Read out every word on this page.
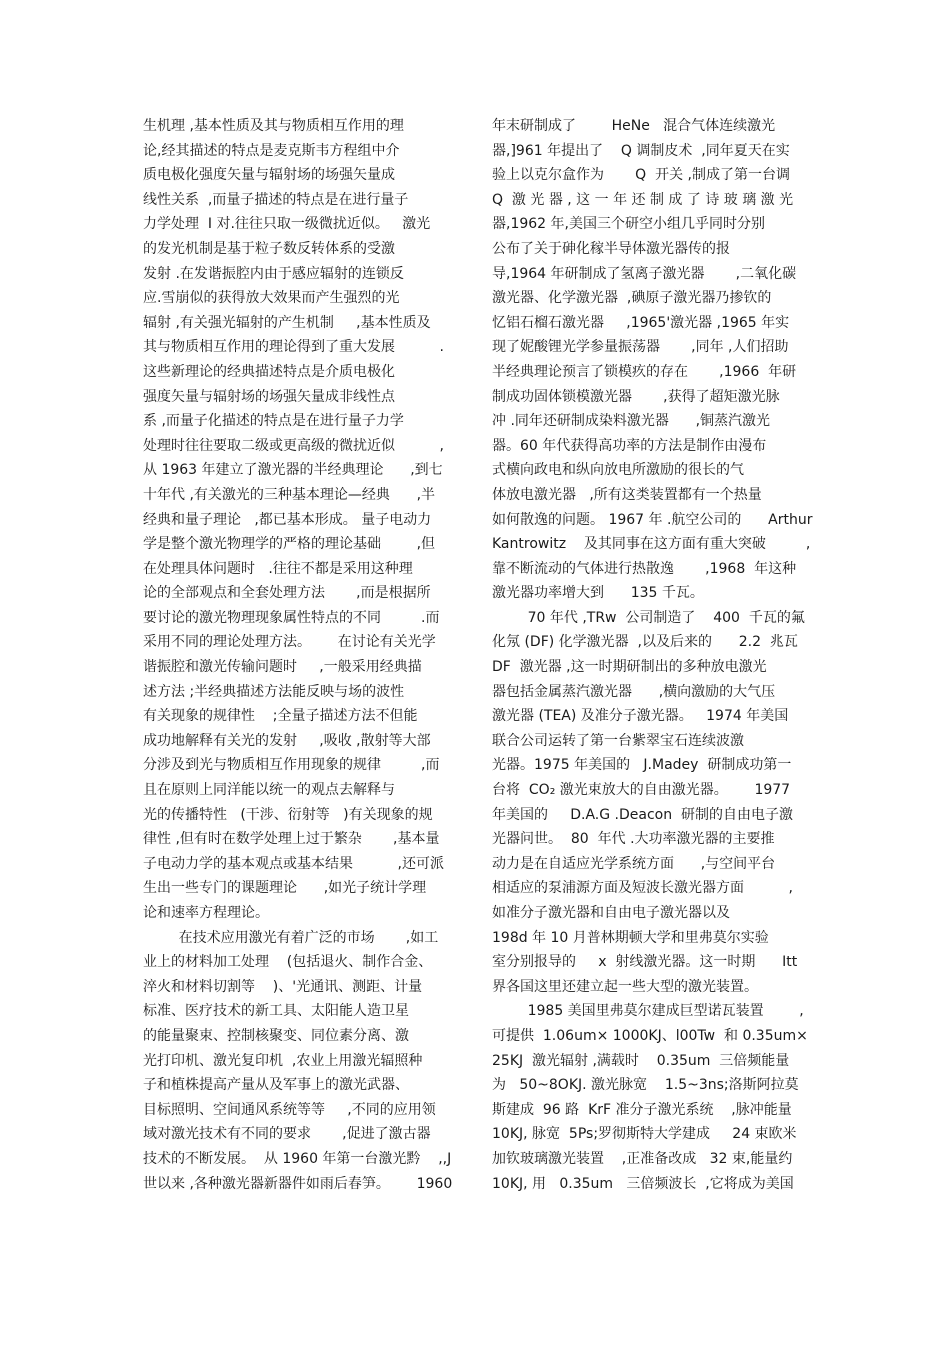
生机理 ,基本性质及其与物质相互作用的理
论,经其描述的特点是麦克斯韦方程组中介
质电极化强度矢量与辐射场的场强矢量成
线性关系  ,而量子描述的特点是在进行量子
力学处理  I 对.往往只取一级微扰近似。   激光
的发光机制是基于粒子数反转体系的受激
发射 .在发谐振腔内由于感应辐射的连锁反
应.雪崩似的获得放大效果而产生强烈的光
辐射 ,有关强光辐射的产生机制     ,基本性质及
其与物质相互作用的理论得到了重大发展          .
这些新理论的经典描述特点是介质电极化
强度矢量与辐射场的场强矢量成非线性点
系 ,而量子化描述的特点是在进行量子力学
处理时往往要取二级或更高级的微扰近似          ,
从 1963 年建立了激光器的半经典理论      ,到七
十年代 ,有关激光的三种基本理论—经典      ,半
经典和量子理论   ,都已基本形成。 量子电动力
学是整个激光物理学的严格的理论基础        ,但
在处理具体问题时   .往往不都是采用这种理
论的全部观点和全套处理方法       ,而是根据所
要讨论的激光物理现象属性特点的不同         .而
采用不同的理论处理方法。      在讨论有关光学
谐振腔和激光传输问题时     ,一般采用经典描
述方法 ;半经典描述方法能反映与场的波性
有关现象的规律性    ;全量子描述方法不但能
成功地解释有关光的发射     ,吸收 ,散射等大部
分涉及到光与物质相互作用现象的规律         ,而
且在原则上同洋能以统一的观点去解释与
光的传播特性   (干涉、衍射等   )有关现象的规
律性 ,但有时在数学处理上过于繁杂       ,基本量
子电动力学的基本观点或基本结果          ,还可派
生出一些专门的课题理论      ,如光子统计学理
论和速率方程理论。
在技术应用激光有着广泛的市场       ,如工
业上的材料加工处理    (包括退火、制作合金、
淬火和材料切割等    )、'光通讯、测距、计量
标准、医疗技术的新工具、太阳能人造卫星
的能量聚束、控制核聚变、同位素分离、激
光打印机、激光复印机  ,农业上用激光辐照种
子和植株提高产量从及军事上的激光武器、
目标照明、空间通风系统等等     ,不同的应用领
域对激光技术有不同的要求       ,促进了激古器
技术的不断发展。  从 1960 年第一台激光黔    ,,J
世以来 ,各种激光器新器件如雨后春笋。      1960
年末研制成了        HeNe   混合气体连续激光
器,]961 年提出了    Q 调制皮术  ,同年夏天在实
验上以克尔盒作为       Q  开关 ,制成了第一台调
Q  激 光 器 , 这 一 年 还 制 成 了 诗 玻 璃 激 光
器,1962 年,美国三个研空小组几乎同时分别
公布了关于砷化稼半导体激光器传的报
导,1964 年研制成了氢离子激光器       ,二氧化碳
激光器、化学激光器  ,碘原子激光器乃掺钦的
忆铝石榴石激光器     ,1965'激光器 ,1965 年实
现了妮酸锂光学参量振荡器       ,同年 ,人们招助
半经典理论预言了锁模疚的存在       ,1966  年研
制成功固体锁模激光器       ,获得了超矩激光脉
冲 .同年还研制成染料激光器      ,铜蒸汽激光
器。60 年代获得高功率的方法是制作由漫布
式横向政电和纵向放电所激励的很长的气
体放电激光器   ,所有这类装置都有一个热量
如何散逸的问题。 1967 年 .航空公司的      Arthur
Kantrowitz    及其同事在这方面有重大突破         ,
靠不断流动的气体进行热散逸       ,1968  年这种
激光器功率增大到      135 千瓦。
70 年代 ,TRw  公司制造了    400  千瓦的氟
化氖 (DF) 化学激光器  ,以及后来的      2.2  兆瓦
DF  激光器 ,这一时期研制出的多种放电激光
器包括金属蒸汽激光器      ,横向激励的大气压
激光器 (TEA) 及准分子激光器。   1974 年美国
联合公司运转了第一台紫翠宝石连续波激
光器。1975 年美国的   J.Madey  研制成功第一
台将  CO₂ 激光束放大的自由激光器。      1977
年美国的     D.A.G .Deacon  研制的自由电子激
光器问世。  80  年代 .大功率激光器的主要推
动力是在自适应光学系统方面      ,与空间平台
相适应的泵浦源方面及短波长激光器方面          ,
如准分子激光器和自由电子激光器以及
198d 年 10 月普林期顿大学和里弗莫尔实验
室分别报导的     x  射线激光器。这一时期      Itt
界各国这里还建立起一些大型的激光装置。
1985 美国里弗莫尔建成巨型诺瓦装置        ,
可提供  1.06um× 1000KJ、l00Tw  和 0.35um×
25KJ  激光辐射 ,满载时    0.35um  三倍频能量
为   50~8OKJ. 激光脉宽    1.5~3ns;洛斯阿拉莫
斯建成  96 路  KrF 准分子激光系统    ,脉冲能量
10KJ, 脉宽  5Ps;罗彻斯特大学建成     24 束欧米
加钦玻璃激光装置    ,正准备改成   32 束,能量约
10KJ, 用   0.35um   三倍频波长  ,它将成为美国
